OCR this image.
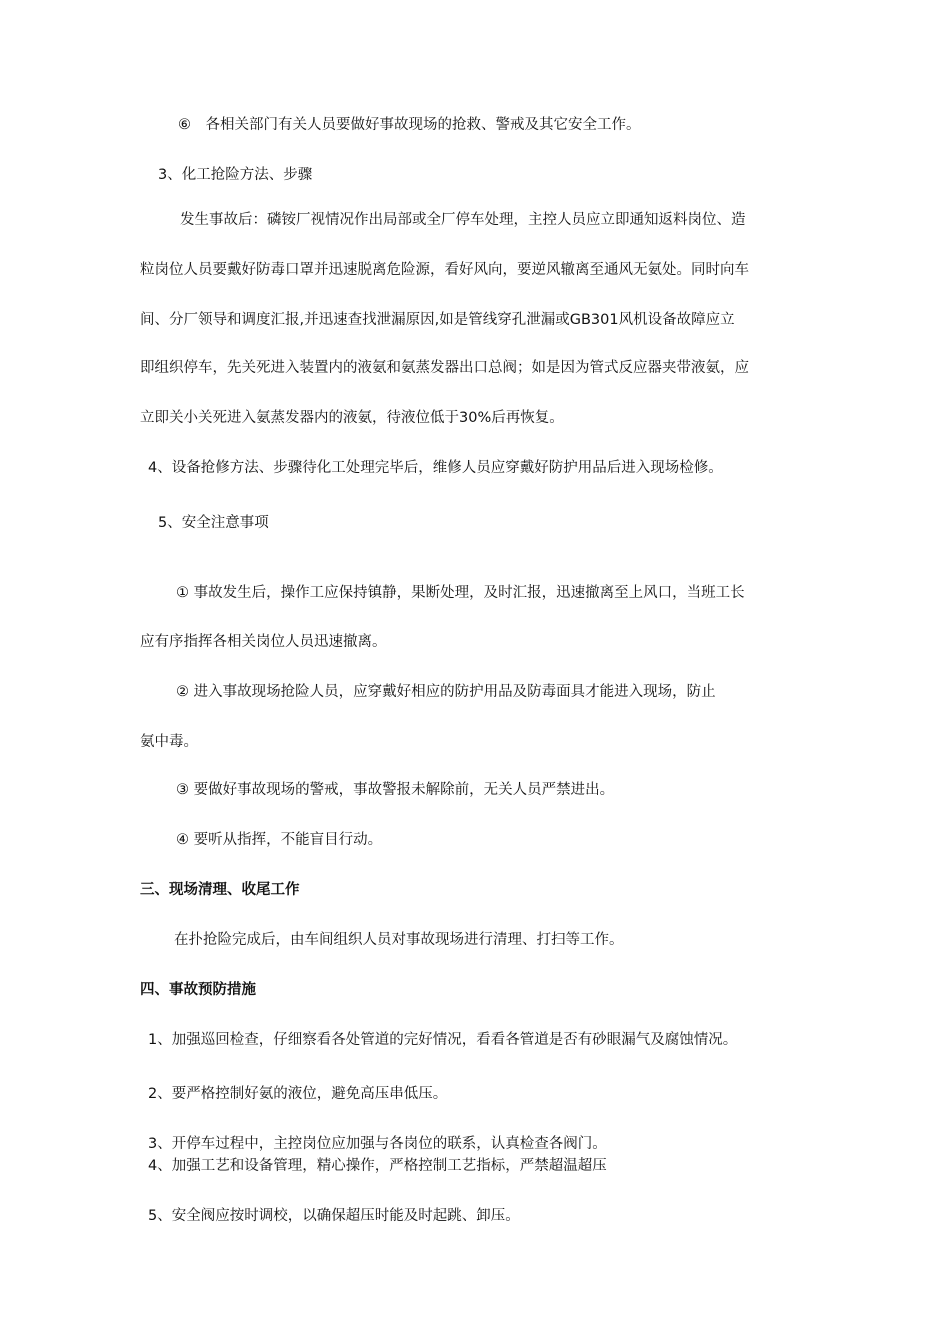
⑥　各相关部门有关人员要做好事故现场的抢救、警戒及其它安全工作。
3、化工抢险方法、步骤
发生事故后：磷铵厂视情况作出局部或全厂停车处理，主控人员应立即通知返料岗位、造
粒岗位人员要戴好防毒口罩并迅速脱离危险源，看好风向，要逆风辙离至通风无氨处。同时向车
间、分厂领导和调度汇报,并迅速查找泄漏原因,如是管线穿孔泄漏或GB301风机设备故障应立
即组织停车，先关死进入装置内的液氨和氨蒸发器出口总阀；如是因为管式反应器夹带液氨，应
立即关小关死进入氨蒸发器内的液氨，待液位低于30%后再恢复。
4、设备抢修方法、步骤待化工处理完毕后，维修人员应穿戴好防护用品后进入现场检修。
5、安全注意事项
① 事故发生后，操作工应保持镇静，果断处理，及时汇报，迅速撤离至上风口，当班工长
应有序指挥各相关岗位人员迅速撤离。
② 进入事故现场抢险人员，应穿戴好相应的防护用品及防毒面具才能进入现场，防止
氨中毒。
③ 要做好事故现场的警戒，事故警报未解除前，无关人员严禁进出。
④ 要听从指挥，不能盲目行动。
三、现场清理、收尾工作
在扑抢险完成后，由车间组织人员对事故现场进行清理、打扫等工作。
四、事故预防措施
1、加强巡回检查，仔细察看各处管道的完好情况，看看各管道是否有砂眼漏气及腐蚀情况。
2、要严格控制好氨的液位，避免高压串低压。
3、开停车过程中，主控岗位应加强与各岗位的联系，认真检查各阀门。
4、加强工艺和设备管理，精心操作，严格控制工艺指标，严禁超温超压
5、安全阀应按时调校，以确保超压时能及时起跳、卸压。
